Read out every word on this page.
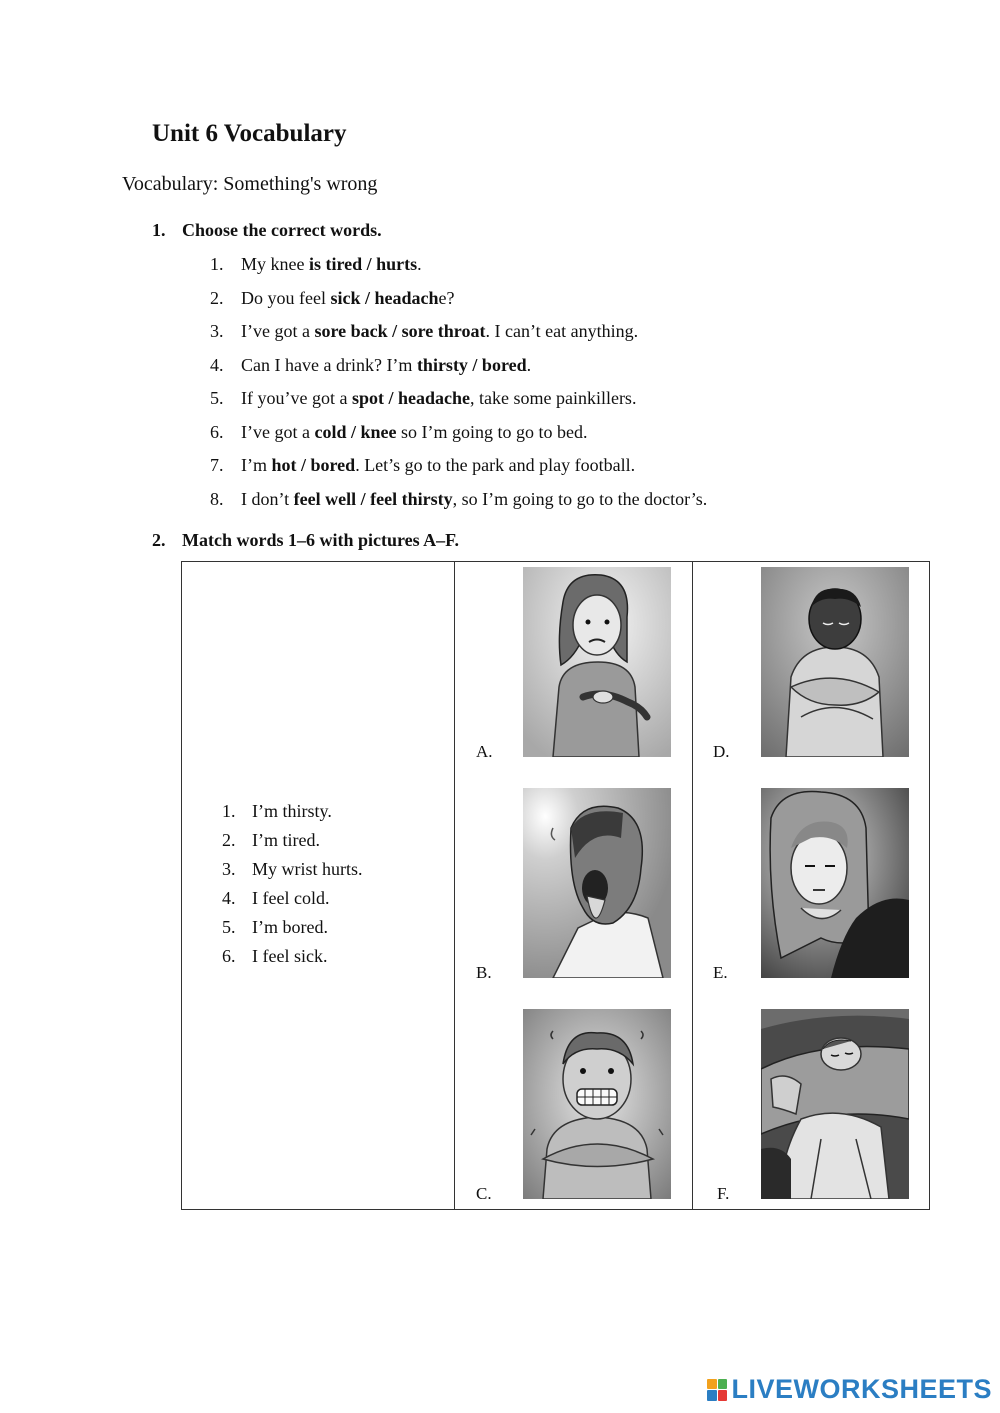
Unit 6 Vocabulary
Vocabulary: Something's wrong
1. Choose the correct words.
1. My knee is tired / hurts.
2. Do you feel sick / headache?
3. I’ve got a sore back / sore throat. I can’t eat anything.
4. Can I have a drink? I’m thirsty / bored.
5. If you’ve got a spot / headache, take some painkillers.
6. I’ve got a cold / knee so I’m going to go to bed.
7. I’m hot / bored. Let’s go to the park and play football.
8. I don’t feel well / feel thirsty, so I’m going to go to the doctor’s.
2. Match words 1–6 with pictures A–F.
1. I’m thirsty.
2. I’m tired.
3. My wrist hurts.
4. I feel cold.
5. I’m bored.
6. I feel sick.
A.
B.
C.
D.
E.
F.
LIVEWORKSHEETS
